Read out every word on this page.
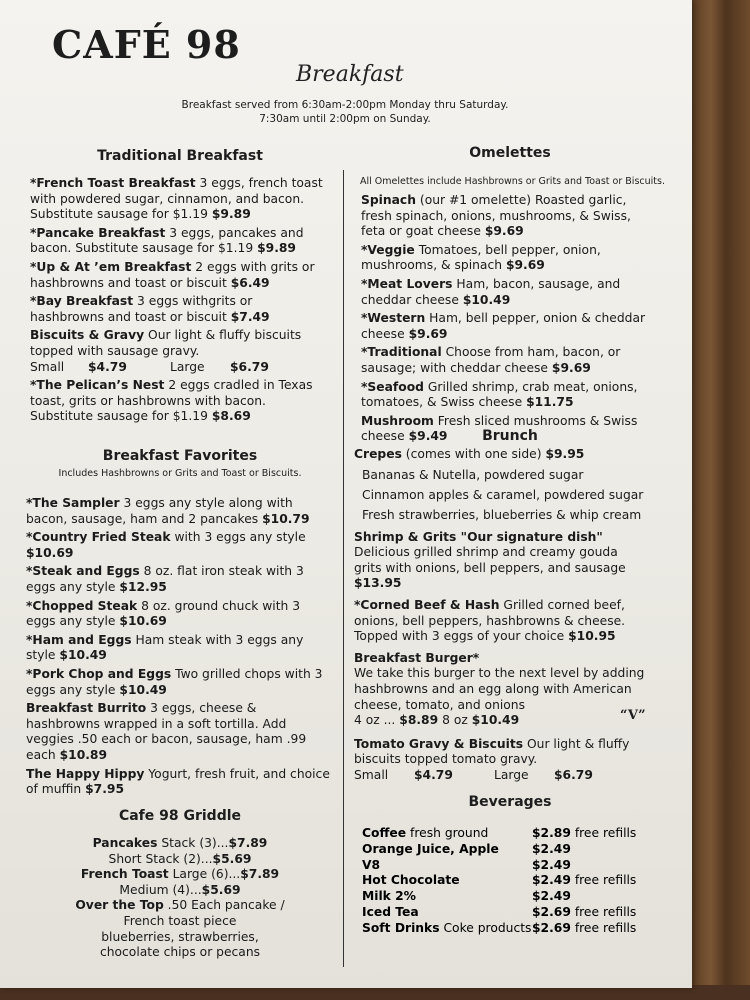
CAFÉ 98
Breakfast
Breakfast served from 6:30am-2:00pm Monday thru Saturday.
7:30am until 2:00pm on Sunday.
Traditional Breakfast
*French Toast Breakfast 3 eggs, french toast with powdered sugar, cinnamon, and bacon. Substitute sausage for $1.19 $9.89
*Pancake Breakfast 3 eggs, pancakes and bacon. Substitute sausage for $1.19 $9.89
*Up & At ’em Breakfast 2 eggs with grits or hashbrowns and toast or biscuit $6.49
*Bay Breakfast 3 eggs withgrits or hashbrowns and toast or biscuit $7.49
Biscuits & Gravy Our light & fluffy biscuits topped with sausage gravy.
Small	$4.79	Large	$6.79
*The Pelican’s Nest 2 eggs cradled in Texas toast, grits or hashbrowns with bacon. Substitute sausage for $1.19 $8.69
Breakfast Favorites
Includes Hashbrowns or Grits and Toast or Biscuits.
*The Sampler 3 eggs any style along with bacon, sausage, ham and 2 pancakes $10.79
*Country Fried Steak with 3 eggs any style $10.69
*Steak and Eggs 8 oz. flat iron steak with 3 eggs any style $12.95
*Chopped Steak 8 oz. ground chuck with 3 eggs any style $10.69
*Ham and Eggs Ham steak with 3 eggs any style $10.49
*Pork Chop and Eggs Two grilled chops with 3 eggs any style $10.49
Breakfast Burrito 3 eggs, cheese & hashbrowns wrapped in a soft tortilla. Add veggies .50 each or bacon, sausage, ham .99 each $10.89
The Happy Hippy Yogurt, fresh fruit, and choice of muffin $7.95
Cafe 98 Griddle
Pancakes Stack (3)...$7.89
Short Stack (2)...$5.69
French Toast Large (6)...$7.89
Medium (4)...$5.69
Over the Top .50 Each pancake /
French toast piece
blueberries, strawberries,
chocolate chips or pecans
Omelettes
All Omelettes include Hashbrowns or Grits and Toast or Biscuits.
Spinach (our #1 omelette) Roasted garlic, fresh spinach, onions, mushrooms, & Swiss, feta or goat cheese $9.69
*Veggie Tomatoes, bell pepper, onion, mushrooms, & spinach $9.69
*Meat Lovers Ham, bacon, sausage, and cheddar cheese $10.49
*Western Ham, bell pepper, onion & cheddar cheese $9.69
*Traditional Choose from ham, bacon, or sausage; with cheddar cheese $9.69
*Seafood Grilled shrimp, crab meat, onions, tomatoes, & Swiss cheese $11.75
Mushroom Fresh sliced mushrooms & Swiss cheese $9.49	Brunch
Crepes (comes with one side) $9.95
Bananas & Nutella, powdered sugar
Cinnamon apples & caramel, powdered sugar
Fresh strawberries, blueberries & whip cream
Shrimp & Grits "Our signature dish" Delicious grilled shrimp and creamy gouda grits with onions, bell peppers, and sausage $13.95
*Corned Beef & Hash Grilled corned beef, onions, bell peppers, hashbrowns & cheese. Topped with 3 eggs of your choice $10.95
Breakfast Burger*
We take this burger to the next level by adding hashbrowns and an egg along with American cheese, tomato, and onions
4 oz ... $8.89 8 oz $10.49
Tomato Gravy & Biscuits Our light & fluffy biscuits topped tomato gravy.
Small	$4.79	Large	$6.79
“V”
Beverages
Coffee fresh ground	$2.89 free refills
Orange Juice, Apple	$2.49
V8	$2.49
Hot Chocolate	$2.49 free refills
Milk 2%	$2.49
Iced Tea	$2.69 free refills
Soft Drinks Coke products$2.69 free refills
